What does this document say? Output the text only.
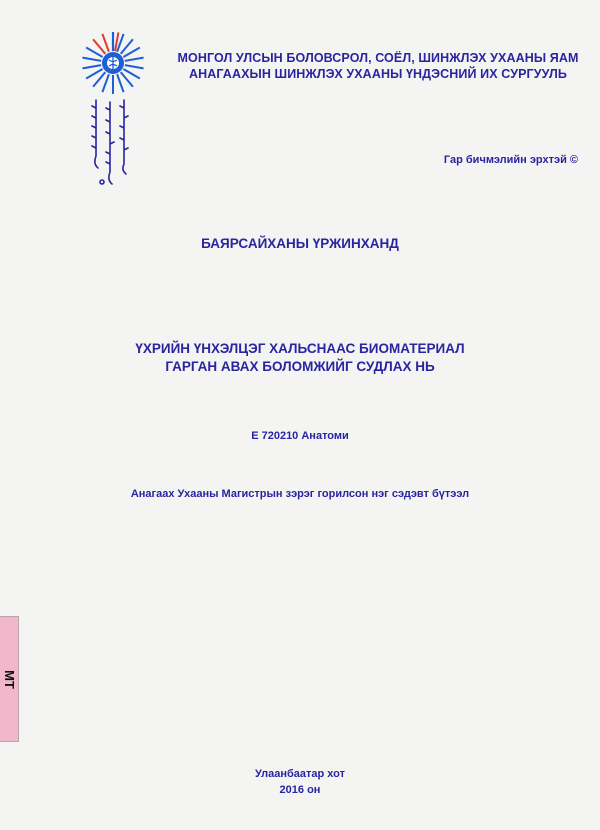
МОНГОЛ УЛСЫН БОЛОВСРОЛ, СОЁЛ, ШИНЖЛЭХ УХААНЫ ЯАМ
АНАГААХЫН ШИНЖЛЭХ УХААНЫ ҮНДЭСНИЙ ИХ СУРГУУЛЬ
Гар бичмэлийн эрхтэй ©
БАЯРСАЙХАНЫ ҮРЖИНХАНД
ҮХРИЙН ҮНХЭЛЦЭГ ХАЛЬСНААС БИОМАТЕРИАЛ
ГАРГАН АВАХ БОЛОМЖИЙГ СУДЛАХ НЬ
Е 720210 Анатоми
Анагаах Ухааны Магистрын зэрэг горилсон нэг сэдэвт бүтээл
МТ
Улаанбаатар хот
2016 он
